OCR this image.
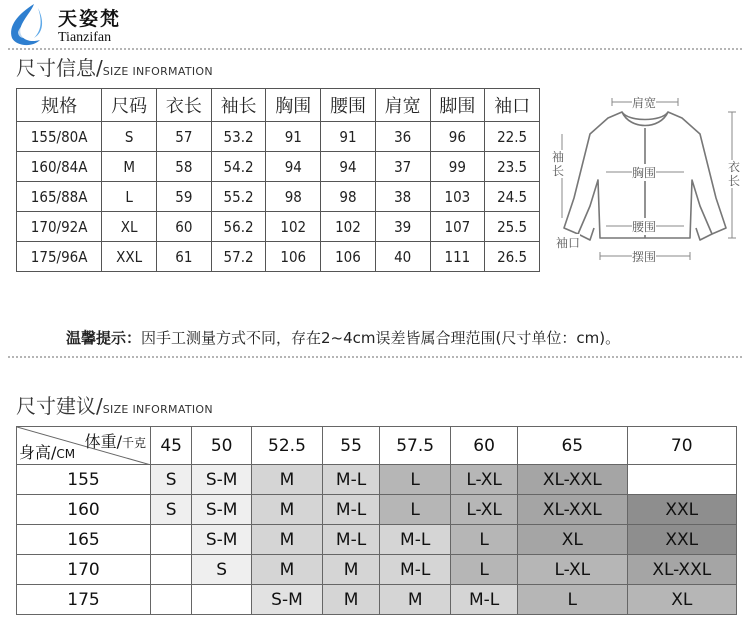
天姿梵
Tianzifan
尺寸信息/SIZE INFORMATION
规格	尺码	衣长	袖长	胸围	腰围	肩宽	脚围	袖口
155/80A	S	57	53.2	91	91	36	96	22.5
160/84A	M	58	54.2	94	94	37	99	23.5
165/88A	L	59	55.2	98	98	38	103	24.5
170/92A	XL	60	56.2	102	102	39	107	25.5
175/96A	XXL	61	57.2	106	106	40	111	26.5
肩宽
胸围
腰围
摆围
袖长	衣长
袖口
温馨提示：因手工测量方式不同，存在2~4cm误差皆属合理范围(尺寸单位：cm)。
尺寸建议/SIZE INFORMATION
体重/千克
身高/CM	45	50	52.5	55	57.5	60	65	70
155	S	S-M	M	M-L	L	L-XL	XL-XXL	
160	S	S-M	M	M-L	L	L-XL	XL-XXL	XXL
165		S-M	M	M-L	M-L	L	XL	XXL
170		S	M	M	M-L	L	L-XL	XL-XXL
175			S-M	M	M	M-L	L	XL
